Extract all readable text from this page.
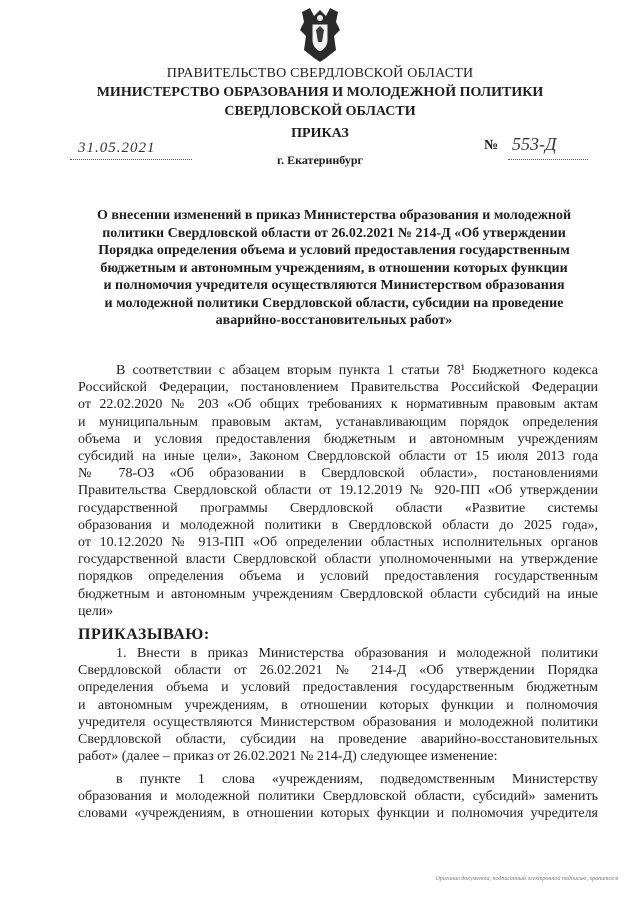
ПРАВИТЕЛЬСТВО СВЕРДЛОВСКОЙ ОБЛАСТИ
МИНИСТЕРСТВО ОБРАЗОВАНИЯ И МОЛОДЕЖНОЙ ПОЛИТИКИ
СВЕРДЛОВСКОЙ ОБЛАСТИ
ПРИКАЗ
31.05.2021	№ 553-Д
г. Екатеринбург
О внесении изменений в приказ Министерства образования и молодежной
политики Свердловской области от 26.02.2021 № 214-Д «Об утверждении
Порядка определения объема и условий предоставления государственным
бюджетным и автономным учреждениям, в отношении которых функции
и полномочия учредителя осуществляются Министерством образования
и молодежной политики Свердловской области, субсидии на проведение
аварийно-восстановительных работ»
В соответствии с абзацем вторым пункта 1 статьи 78¹ Бюджетного кодекса
Российской Федерации, постановлением Правительства Российской Федерации
от 22.02.2020 № 203 «Об общих требованиях к нормативным правовым актам
и муниципальным правовым актам, устанавливающим порядок определения
объема и условия предоставления бюджетным и автономным учреждениям
субсидий на иные цели», Законом Свердловской области от 15 июля 2013 года
№ 78-ОЗ «Об образовании в Свердловской области», постановлениями
Правительства Свердловской области от 19.12.2019 № 920-ПП «Об утверждении
государственной программы Свердловской области «Развитие системы
образования и молодежной политики в Свердловской области до 2025 года»,
от 10.12.2020 № 913-ПП «Об определении областных исполнительных органов
государственной власти Свердловской области уполномоченными на утверждение
порядков определения объема и условий предоставления государственным
бюджетным и автономным учреждениям Свердловской области субсидий на иные
цели»
ПРИКАЗЫВАЮ:
1. Внести в приказ Министерства образования и молодежной политики
Свердловской области от 26.02.2021 № 214-Д «Об утверждении Порядка
определения объема и условий предоставления государственным бюджетным
и автономным учреждениям, в отношении которых функции и полномочия
учредителя осуществляются Министерством образования и молодежной политики
Свердловской области, субсидии на проведение аварийно-восстановительных
работ» (далее – приказ от 26.02.2021 № 214-Д) следующее изменение:
в пункте 1 слова «учреждениям, подведомственным Министерству
образования и молодежной политики Свердловской области, субсидий» заменить
словами «учреждениям, в отношении которых функции и полномочия учредителя
Оригинал документа, подписанный электронной подписью, хранится в
